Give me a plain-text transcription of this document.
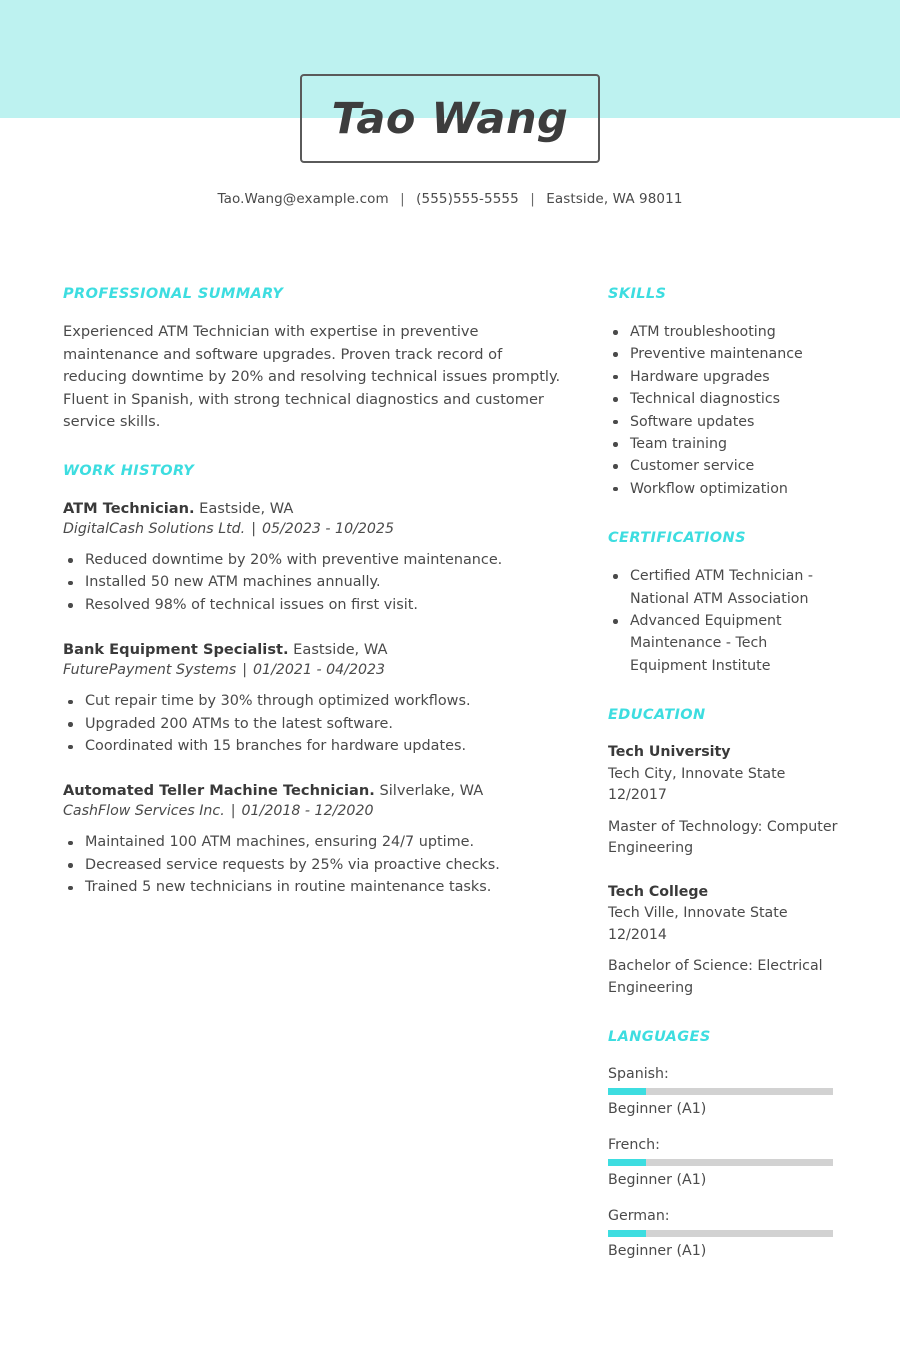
Tao Wang
Tao.Wang@example.com | (555)555-5555 | Eastside, WA 98011
PROFESSIONAL SUMMARY
Experienced ATM Technician with expertise in preventive maintenance and software upgrades. Proven track record of reducing downtime by 20% and resolving technical issues promptly. Fluent in Spanish, with strong technical diagnostics and customer service skills.
WORK HISTORY
ATM Technician. Eastside, WA
DigitalCash Solutions Ltd. | 05/2023 - 10/2025
Reduced downtime by 20% with preventive maintenance.
Installed 50 new ATM machines annually.
Resolved 98% of technical issues on first visit.
Bank Equipment Specialist. Eastside, WA
FuturePayment Systems | 01/2021 - 04/2023
Cut repair time by 30% through optimized workflows.
Upgraded 200 ATMs to the latest software.
Coordinated with 15 branches for hardware updates.
Automated Teller Machine Technician. Silverlake, WA
CashFlow Services Inc. | 01/2018 - 12/2020
Maintained 100 ATM machines, ensuring 24/7 uptime.
Decreased service requests by 25% via proactive checks.
Trained 5 new technicians in routine maintenance tasks.
SKILLS
ATM troubleshooting
Preventive maintenance
Hardware upgrades
Technical diagnostics
Software updates
Team training
Customer service
Workflow optimization
CERTIFICATIONS
Certified ATM Technician - National ATM Association
Advanced Equipment Maintenance - Tech Equipment Institute
EDUCATION
Tech University
Tech City, Innovate State
12/2017
Master of Technology: Computer Engineering
Tech College
Tech Ville, Innovate State
12/2014
Bachelor of Science: Electrical Engineering
LANGUAGES
Spanish:
Beginner (A1)
French:
Beginner (A1)
German:
Beginner (A1)
